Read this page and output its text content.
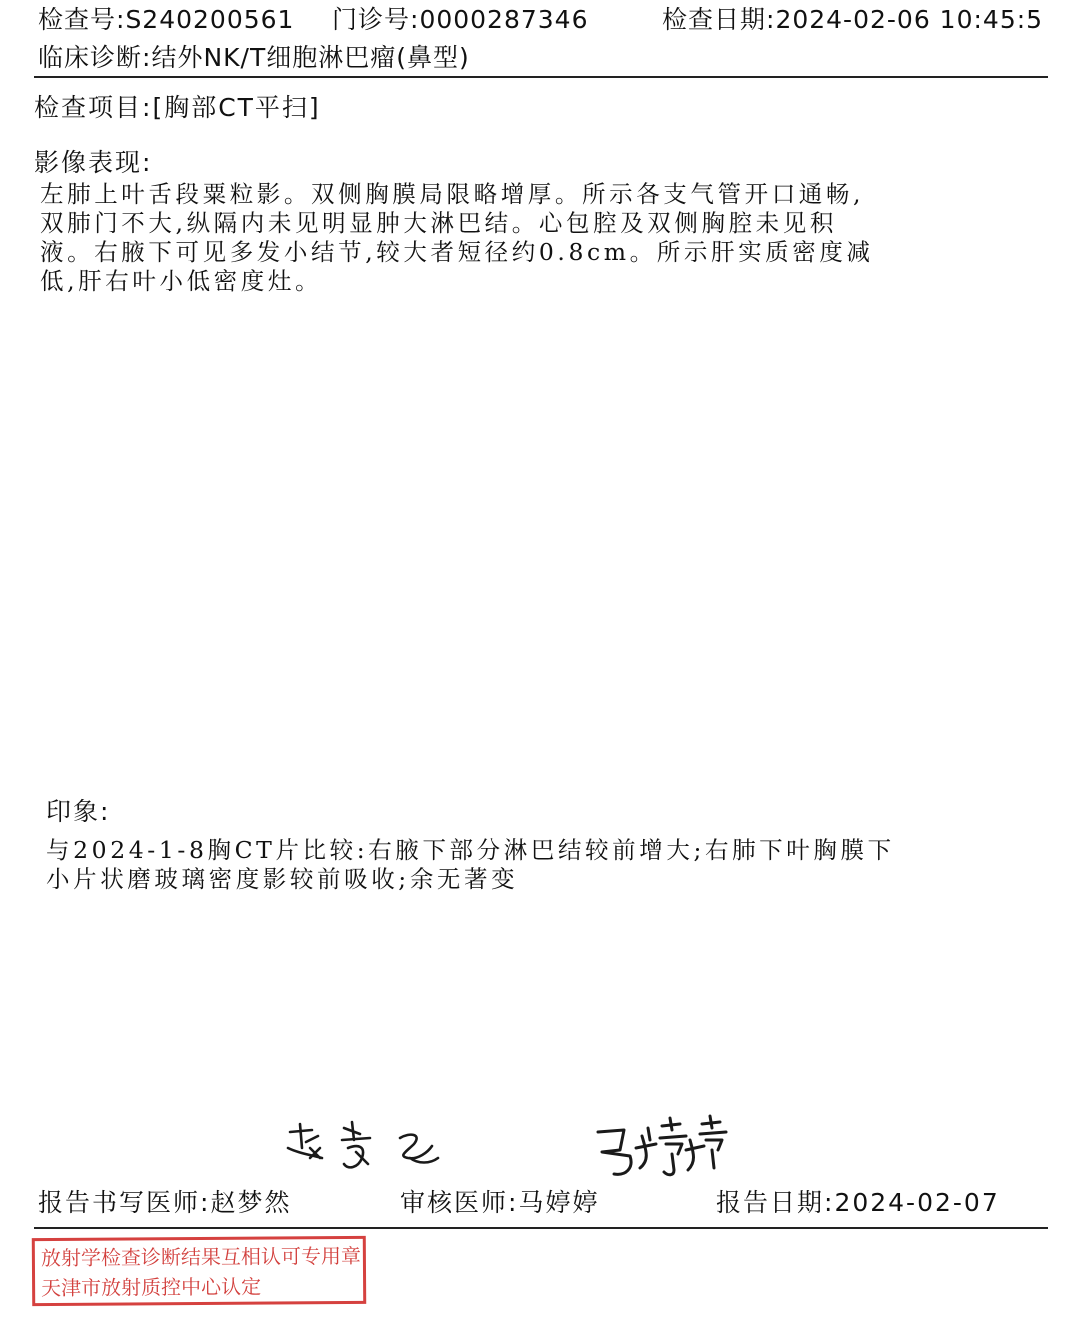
检查号:S240200561 门诊号:0000287346	检查日期:2024-02-06 10:45:5
临床诊断:结外NK/T细胞淋巴瘤(鼻型)
检查项目:[胸部CT平扫]
影像表现:
左肺上叶舌段粟粒影。双侧胸膜局限略增厚。所示各支气管开口通畅,
双肺门不大,纵隔内未见明显肿大淋巴结。心包腔及双侧胸腔未见积
液。右腋下可见多发小结节,较大者短径约0.8cm。所示肝实质密度减
低,肝右叶小低密度灶。
印象:
与2024-1-8胸CT片比较:右腋下部分淋巴结较前增大;右肺下叶胸膜下
小片状磨玻璃密度影较前吸收;余无著变
报告书写医师:赵梦然	审核医师:马婷婷	报告日期:2024-02-07
放射学检查诊断结果互相认可专用章
天津市放射质控中心认定
